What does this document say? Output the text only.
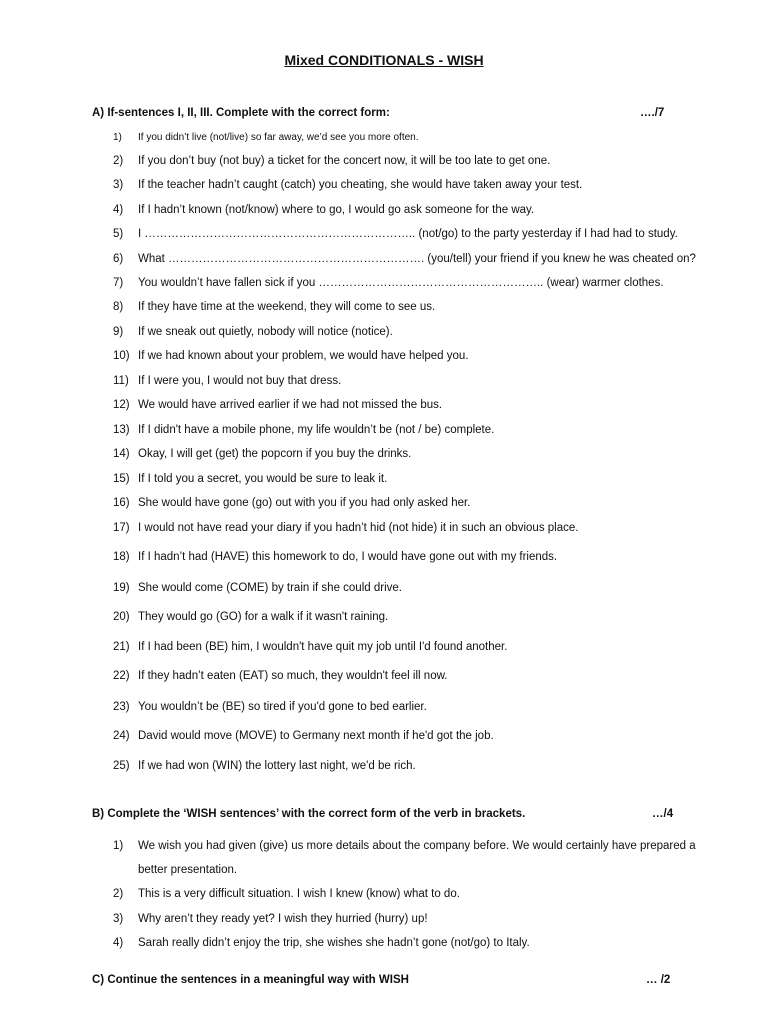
Mixed CONDITIONALS - WISH
A) If-sentences I, II, III. Complete with the correct form:	…./7
1) If you didn’t live (not/live) so far away, we’d see you more often.
2) If you don’t buy (not buy) a ticket for the concert now, it will be too late to get one.
3) If the teacher hadn’t caught (catch) you cheating, she would have taken away your test.
4) If I hadn’t known (not/know) where to go, I would go ask someone for the way.
5) I …………………………………………………………….. (not/go) to the party yesterday if I had had to study.
6) What …………………………………………………………. (you/tell) your friend if you knew he was cheated on?
7) You wouldn’t have fallen sick if you ………………………………………………….. (wear) warmer clothes.
8) If they have time at the weekend, they will come to see us.
9) If we sneak out quietly, nobody will notice (notice).
10) If we had known about your problem, we would have helped you.
11) If I were you, I would not buy that dress.
12) We would have arrived earlier if we had not missed the bus.
13) If I didn't have a mobile phone, my life wouldn’t be (not / be) complete.
14) Okay, I will get (get) the popcorn if you buy the drinks.
15) If I told you a secret, you would be sure to leak it.
16) She would have gone (go) out with you if you had only asked her.
17) I would not have read your diary if you hadn’t hid (not hide) it in such an obvious place.
18) If I hadn’t had (HAVE) this homework to do, I would have gone out with my friends.
19) She would come (COME) by train if she could drive.
20) They would go (GO) for a walk if it wasn't raining.
21) If I had been (BE) him, I wouldn't have quit my job until I'd found another.
22) If they hadn’t eaten (EAT) so much, they wouldn't feel ill now.
23) You wouldn’t be (BE) so tired if you'd gone to bed earlier.
24) David would move (MOVE) to Germany next month if he'd got the job.
25) If we had won (WIN) the lottery last night, we'd be rich.
B) Complete the ‘WISH sentences’ with the correct form of the verb in brackets.	…/4
1) We wish you had given (give) us more details about the company before. We would certainly have prepared a better presentation.
2) This is a very difficult situation. I wish I knew (know) what to do.
3) Why aren’t they ready yet? I wish they hurried (hurry) up!
4) Sarah really didn’t enjoy the trip, she wishes she hadn’t gone (not/go) to Italy.
C) Continue the sentences in a meaningful way with WISH	… /2
